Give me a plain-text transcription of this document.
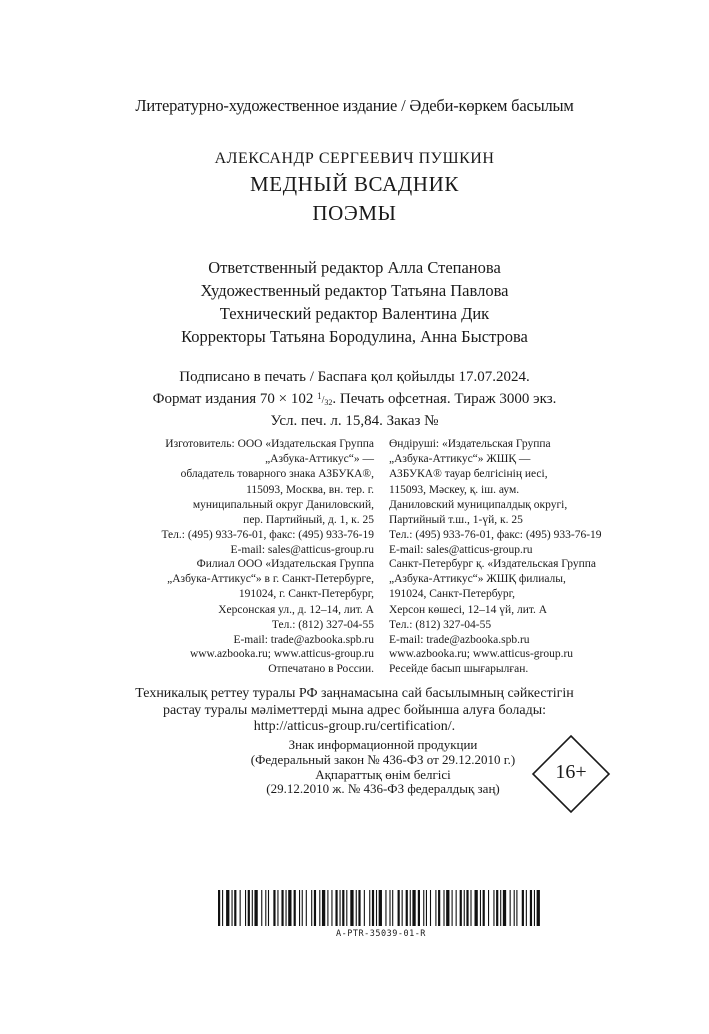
Литературно-художественное издание / Әдеби-көркем басылым
АЛЕКСАНДР СЕРГЕЕВИЧ ПУШКИН
МЕДНЫЙ ВСАДНИК
ПОЭМЫ
Ответственный редактор Алла Степанова
Художественный редактор Татьяна Павлова
Технический редактор Валентина Дик
Корректоры Татьяна Бородулина, Анна Быстрова
Подписано в печать / Баспаға қол қойылды 17.07.2024.
Формат издания 70 × 102 $^1/_{32}$. Печать офсетная. Тираж 3000 экз.
Усл. печ. л. 15,84. Заказ №
Изготовитель: ООО «Издательская Группа
„Азбука-Аттикус“» —
обладатель товарного знака АЗБУКА®,
115093, Москва, вн. тер. г.
муниципальный округ Даниловский,
пер. Партийный, д. 1, к. 25
Тел.: (495) 933-76-01, факс: (495) 933-76-19
E-mail: sales@atticus-group.ru
Өндіруші: «Издательская Группа
„Азбука-Аттикус“» ЖШҚ —
АЗБУКА® тауар белгісінің иесі,
115093, Мәскеу, қ. іш. аум.
Даниловский муниципалдық округі,
Партийный т.ш., 1-үй, к. 25
Тел.: (495) 933-76-01, факс: (495) 933-76-19
E-mail: sales@atticus-group.ru
Филиал ООО «Издательская Группа
„Азбука-Аттикус“» в г. Санкт-Петербурге,
191024, г. Санкт-Петербург,
Херсонская ул., д. 12–14, лит. А
Тел.: (812) 327-04-55
E-mail: trade@azbooka.spb.ru
Санкт-Петербург қ. «Издательская Группа
„Азбука-Аттикус“» ЖШҚ филиалы,
191024, Санкт-Петербург,
Херсон көшесі, 12–14 үй, лит. А
Тел.: (812) 327-04-55
E-mail: trade@azbooka.spb.ru
www.azbooka.ru; www.atticus-group.ru
Отпечатано в России.
www.azbooka.ru; www.atticus-group.ru
Ресейде басып шығарылған.
Техникалық реттеу туралы РФ заңнамасына сай басылымның сәйкестігін
растау туралы мәліметтерді мына адрес бойынша алуға болады:
http://atticus-group.ru/certification/.
Знак информационной продукции
(Федеральный закон № 436-ФЗ от 29.12.2010 г.)
Ақпараттық өнім белгісі
(29.12.2010 ж. № 436-ФЗ федералдық заң)
16+
А-PTR-35039-01-R
